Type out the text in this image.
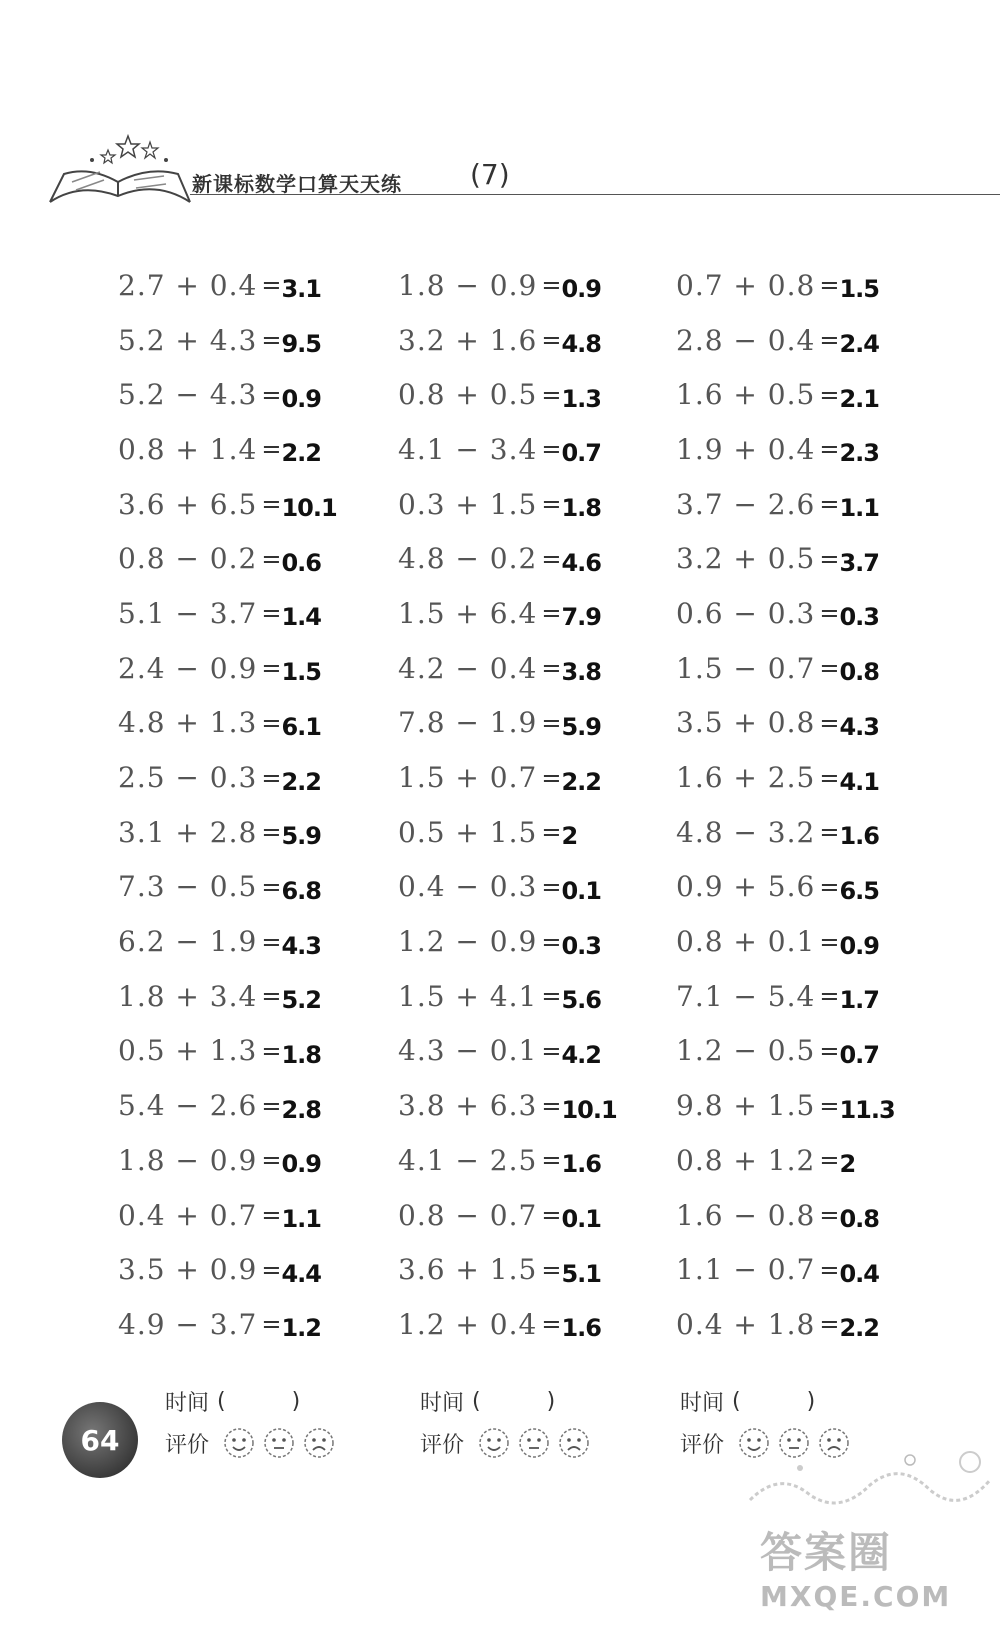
新课标数学口算天天练 (7)
2.7 + 0.4 = 3.1
5.2 + 4.3 = 9.5
5.2 − 4.3 = 0.9
0.8 + 1.4 = 2.2
3.6 + 6.5 = 10.1
0.8 − 0.2 = 0.6
5.1 − 3.7 = 1.4
2.4 − 0.9 = 1.5
4.8 + 1.3 = 6.1
2.5 − 0.3 = 2.2
3.1 + 2.8 = 5.9
7.3 − 0.5 = 6.8
6.2 − 1.9 = 4.3
1.8 + 3.4 = 5.2
0.5 + 1.3 = 1.8
5.4 − 2.6 = 2.8
1.8 − 0.9 = 0.9
0.4 + 0.7 = 1.1
3.5 + 0.9 = 4.4
4.9 − 3.7 = 1.2
1.8 − 0.9 = 0.9
3.2 + 1.6 = 4.8
0.8 + 0.5 = 1.3
4.1 − 3.4 = 0.7
0.3 + 1.5 = 1.8
4.8 − 0.2 = 4.6
1.5 + 6.4 = 7.9
4.2 − 0.4 = 3.8
7.8 − 1.9 = 5.9
1.5 + 0.7 = 2.2
0.5 + 1.5 = 2
0.4 − 0.3 = 0.1
1.2 − 0.9 = 0.3
1.5 + 4.1 = 5.6
4.3 − 0.1 = 4.2
3.8 + 6.3 = 10.1
4.1 − 2.5 = 1.6
0.8 − 0.7 = 0.1
3.6 + 1.5 = 5.1
1.2 + 0.4 = 1.6
0.7 + 0.8 = 1.5
2.8 − 0.4 = 2.4
1.6 + 0.5 = 2.1
1.9 + 0.4 = 2.3
3.7 − 2.6 = 1.1
3.2 + 0.5 = 3.7
0.6 − 0.3 = 0.3
1.5 − 0.7 = 0.8
3.5 + 0.8 = 4.3
1.6 + 2.5 = 4.1
4.8 − 3.2 = 1.6
0.9 + 5.6 = 6.5
0.8 + 0.1 = 0.9
7.1 − 5.4 = 1.7
1.2 − 0.5 = 0.7
9.8 + 1.5 = 11.3
0.8 + 1.2 = 2
1.6 − 0.8 = 0.8
1.1 − 0.7 = 0.4
0.4 + 1.8 = 2.2
时间 (	)
评价
时间 (	)
评价
时间 (	)
评价
64
答案圈
MXQE.COM
